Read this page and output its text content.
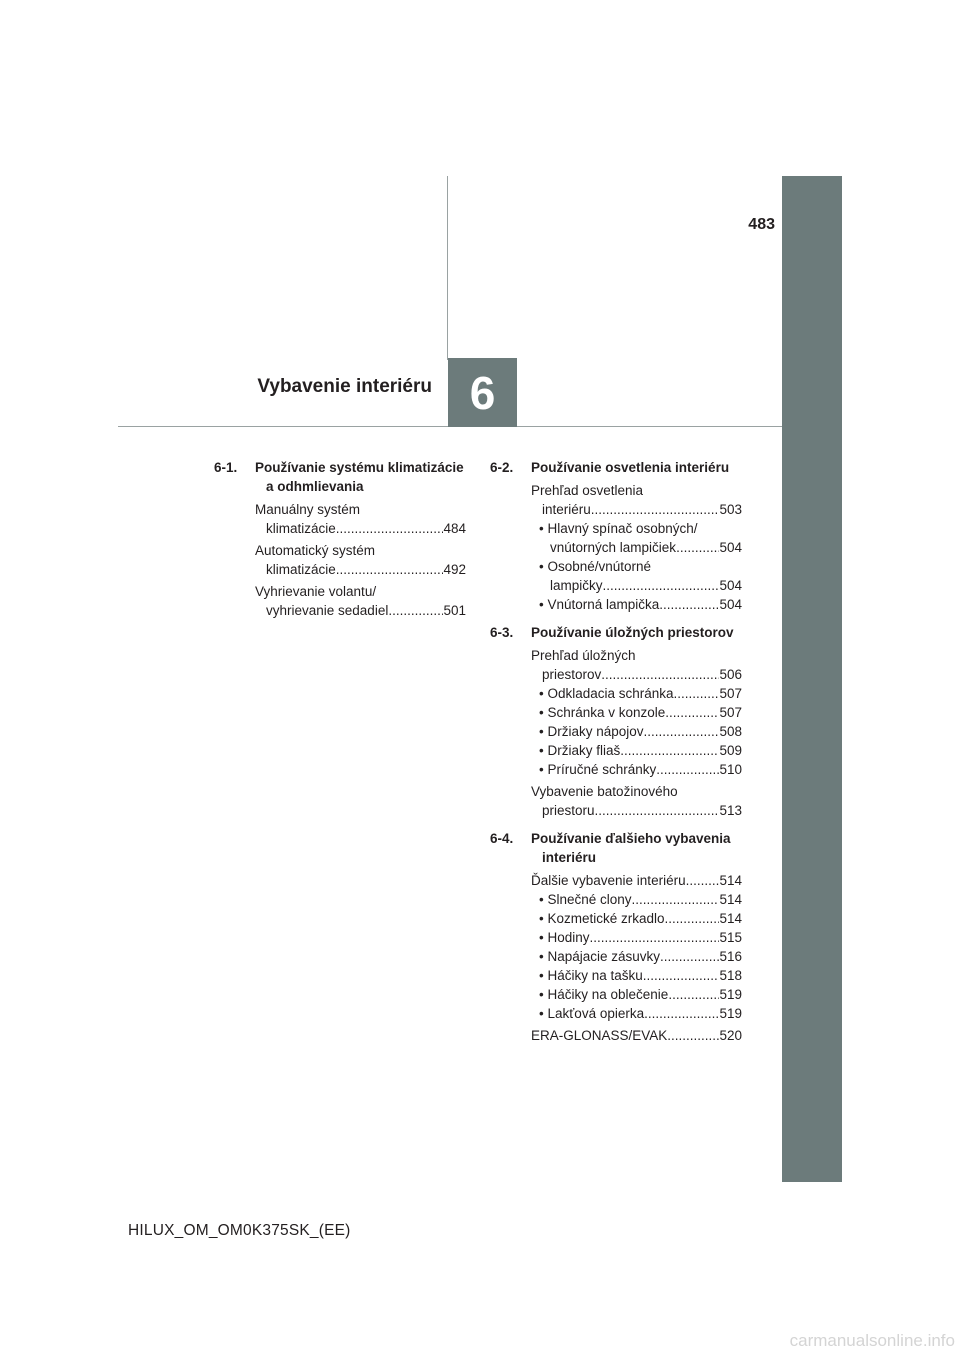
483
6
Vybavenie interiéru
6-1.	Používanie systému klimatizácie a odhmlievania
Manuálny systém
klimatizácie .....	484
Automatický systém
klimatizácie .....	492
Vyhrievanie volantu/
vyhrievanie sedadiel .....	501
6-2.	Používanie osvetlenia interiéru
Prehľad osvetlenia
interiéru .....	503
• Hlavný spínač osobných/
vnútorných lampičiek .....	504
• Osobné/vnútorné
lampičky .....	504
• Vnútorná lampička .....	504
6-3.	Používanie úložných priestorov
Prehľad úložných
priestorov .....	506
• Odkladacia schránka .....	507
• Schránka v konzole .....	507
• Držiaky nápojov .....	508
• Držiaky fliaš .....	509
• Príručné schránky .....	510
Vybavenie batožinového
priestoru .....	513
6-4.	Používanie ďalšieho vybavenia interiéru
Ďalšie vybavenie interiéru .....	514
• Slnečné clony .....	514
• Kozmetické zrkadlo .....	514
• Hodiny .....	515
• Napájacie zásuvky .....	516
• Háčiky na tašku .....	518
• Háčiky na oblečenie .....	519
• Lakťová opierka .....	519
ERA-GLONASS/EVAK .....	520
HILUX_OM_OM0K375SK_(EE)
carmanualsonline.info
